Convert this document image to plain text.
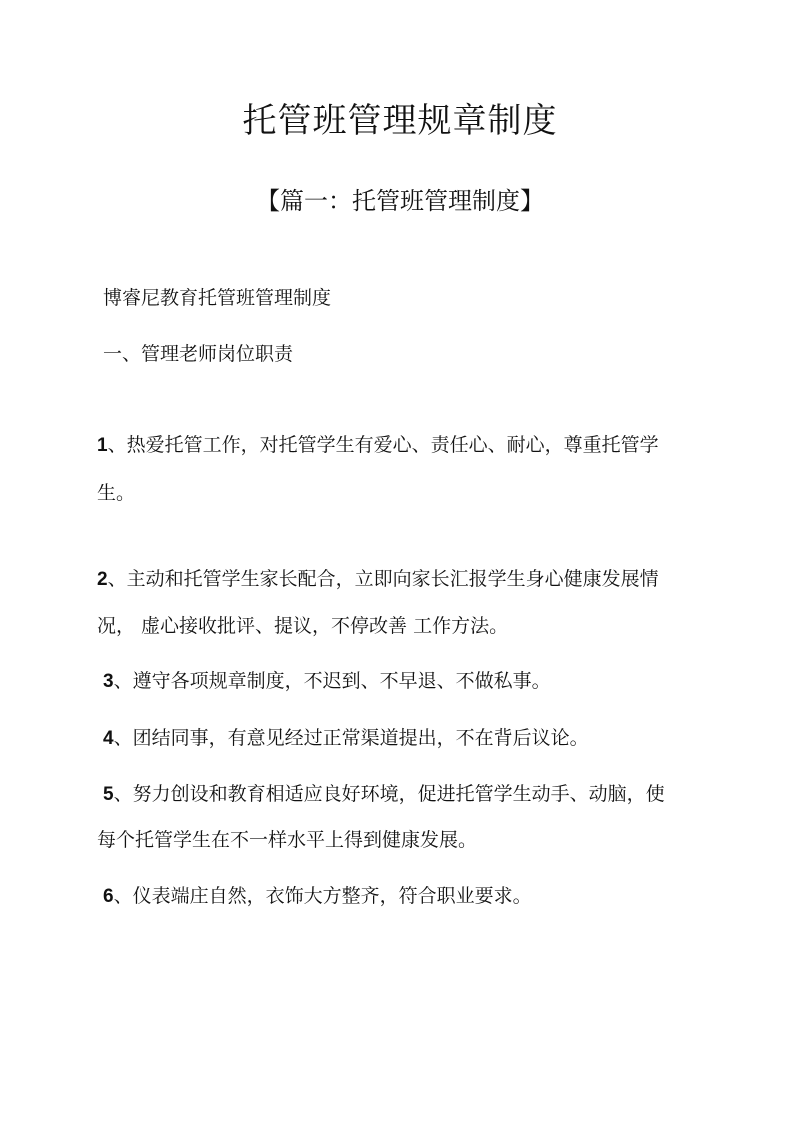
托管班管理规章制度
【篇一：托管班管理制度】

博睿尼教育托管班管理制度

一、管理老师岗位职责

1、热爱托管工作，对托管学生有爱心、责任心、耐心，尊重托管学

生。

2、主动和托管学生家长配合，立即向家长汇报学生身心健康发展情

况， 虚心接收批评、提议，不停改善 工作方法。

3、遵守各项规章制度，不迟到、不早退、不做私事。

4、团结同事，有意见经过正常渠道提出，不在背后议论。

5、努力创设和教育相适应良好环境，促进托管学生动手、动脑，使

每个托管学生在不一样水平上得到健康发展。

6、仪表端庄自然，衣饰大方整齐，符合职业要求。
